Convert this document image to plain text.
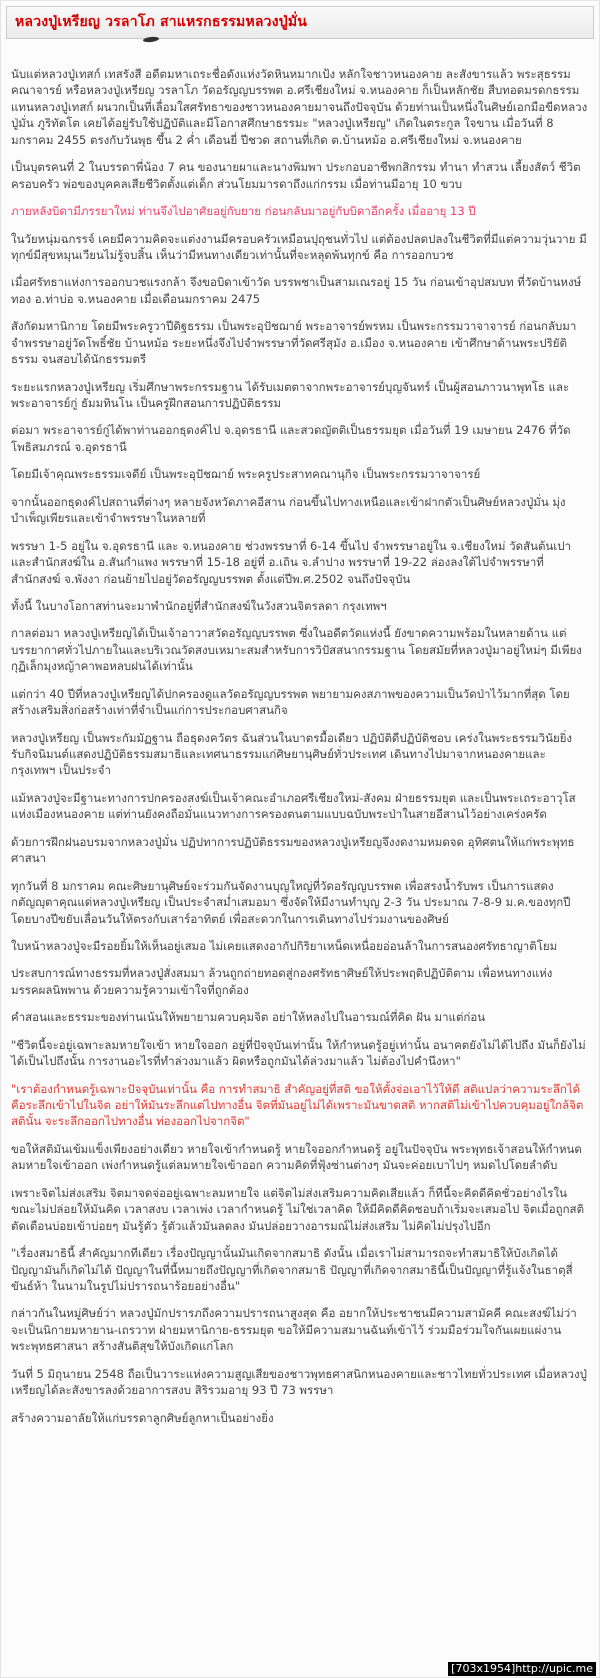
หลวงปู่เหรียญ วรลาโภ สาแหรกธรรมหลวงปู่มั่น

นับแต่หลวงปู่เทสก์ เทสรังสี อดีตมหาเถระชื่อดังแห่งวัดหินหมากเป้ง หลักใจชาวหนองคาย ละสังขารแล้ว พระสุธรรมคณาจารย์ หรือหลวงปู่เหรียญ วรลาโภ วัดอรัญญบรรพต อ.ศรีเชียงใหม่ จ.หนองคาย ก็เป็นหลักชัย สืบทอดมรดกธรรมแทนหลวงปู่เทสก์ ผนวกเป็นที่เลื่อมใสศรัทธาของชาวหนองคายมาจนถึงปัจจุบัน ด้วยท่านเป็นหนึ่งในศิษย์เอกมือขีดหลวงปู่มั่น ภูริทัตโต เคยได้อยู่รับใช้ปฏิบัติและมีโอกาสศึกษาธรรมะ "หลวงปู่เหรียญ" เกิดในตระกูล ใจขาน เมื่อวันที่ 8 มกราคม 2455 ตรงกับวันพุธ ขึ้น 2 ค่ำ เดือนยี่ ปีชวด สถานที่เกิด ต.บ้านหม้อ อ.ศรีเชียงใหม่ จ.หนองคาย

เป็นบุตรคนที่ 2 ในบรรดาพี่น้อง 7 คน ของนายผาและนางพิมพา ประกอบอาชีพกสิกรรม ทำนา ทำสวน เลี้ยงสัตว์ ชีวิตครอบครัว พ่อของบุคคลเสียชีวิตตั้งแต่เด็ก ส่วนโยมมารดาถึงแก่กรรม เมื่อท่านมีอายุ 10 ขวบ

ภายหลังบิดามีภรรยาใหม่ ท่านจึงไปอาศัยอยู่กับยาย ก่อนกลับมาอยู่กับบิดาอีกครั้ง เมื่ออายุ 13 ปี

ในวัยหนุ่มฉกรรจ์ เคยมีความคิดจะแต่งงานมีครอบครัวเหมือนปุถุชนทั่วไป แต่ต้องปลดปลงในชีวิตที่มีแต่ความวุ่นวาย มีทุกข์มีสุขหมุนเวียนไม่รู้จบสิ้น เห็นว่ามีหนทางเดียวเท่านั้นที่จะหลุดพ้นทุกข์ คือ การออกบวช

เมื่อศรัทธาแห่งการออกบวชแรงกล้า จึงขอบิดาเข้าวัด บรรพชาเป็นสามเณรอยู่ 15 วัน ก่อนเข้าอุปสมบท ที่วัดบ้านหงษ์ทอง อ.ท่าบ่อ จ.หนองคาย เมื่อเดือนมกราคม 2475

สังกัดมหานิกาย โดยมีพระครูวาปีดิฐธรรม เป็นพระอุปัชฌาย์ พระอาจารย์พรหม เป็นพระกรรมวาจาจารย์ ก่อนกลับมาจำพรรษาอยู่วัดโพธิ์ชัย บ้านหม้อ ระยะหนึ่งจึงไปจำพรรษาที่วัดศรีสุมัง อ.เมือง จ.หนองคาย เข้าศึกษาด้านพระปริยัติธรรม จนสอบได้นักธรรมตรี

ระยะแรกหลวงปู่เหรียญ เริ่มศึกษาพระกรรมฐาน ได้รับเมตตาจากพระอาจารย์บุญจันทร์ เป็นผู้สอนภาวนาพุทโธ และพระอาจารย์กู่ ธัมมทินโน เป็นครูฝึกสอนการปฏิบัติธรรม

ต่อมา พระอาจารย์กู่ได้พาท่านออกธุดงค์ไป จ.อุดรธานี และสวดญัตติเป็นธรรมยุต เมื่อวันที่ 19 เมษายน 2476 ที่วัดโพธิสมภรณ์ จ.อุดรธานี

โดยมีเจ้าคุณพระธรรมเจดีย์ เป็นพระอุปัชฌาย์ พระครูประสาทคณานุกิจ เป็นพระกรรมวาจาจารย์

จากนั้นออกธุดงค์ไปสถานที่ต่างๆ หลายจังหวัดภาคอีสาน ก่อนขึ้นไปทางเหนือและเข้าฝากตัวเป็นศิษย์หลวงปู่มั่น มุ่งบำเพ็ญเพียรและเข้าจำพรรษาในหลายที่

พรรษา 1-5 อยู่ใน จ.อุดรธานี และ จ.หนองคาย ช่วงพรรษาที่ 6-14 ขึ้นไป จำพรรษาอยู่ใน จ.เชียงใหม่ วัดสันต้นเปา และสำนักสงฆ์ใน อ.สันกำแพง พรรษาที่ 15-18 อยู่ที่ อ.เถิน จ.ลำปาง พรรษาที่ 19-22 ล่องลงใต้ไปจำพรรษาที่สำนักสงฆ์ จ.พังงา ก่อนย้ายไปอยู่วัดอรัญญบรรพต ตั้งแต่ปีพ.ศ.2502 จนถึงปัจจุบัน

ทั้งนี้ ในบางโอกาสท่านจะมาพำนักอยู่ที่สำนักสงฆ์ในวังสวนจิตรลดา กรุงเทพฯ

กาลต่อมา หลวงปู่เหรียญได้เป็นเจ้าอาวาสวัดอรัญญบรรพต ซึ่งในอดีตวัดแห่งนี้ ยังขาดความพร้อมในหลายด้าน แต่บรรยากาศทั่วไปภายในและบริเวณวัดสงบเหมาะสมสำหรับการวิปัสสนากรรมฐาน โดยสมัยที่หลวงปู่มาอยู่ใหม่ๆ มีเพียงกุฏิเล็กมุงหญ้าคาพอหลบฝนได้เท่านั้น

แต่กว่า 40 ปีที่หลวงปู่เหรียญได้ปกครองดูแลวัดอรัญญบรรพต พยายามคงสภาพของความเป็นวัดป่าไว้มากที่สุด โดยสร้างเสริมสิ่งก่อสร้างเท่าที่จำเป็นแก่การประกอบศาสนกิจ

หลวงปู่เหรียญ เป็นพระกัมมัฏฐาน ถือธุดงควัตร ฉันส่วนในบาตรมื้อเดียว ปฏิบัติดีปฏิบัติชอบ เคร่งในพระธรรมวินัยยิ่ง รับกิจนิมนต์แสดงปฏิบัติธรรมสมาธิและเทศนาธรรมแก่ศิษยานุศิษย์ทั่วประเทศ เดินทางไปมาจากหนองคายและกรุงเทพฯ เป็นประจำ

แม้หลวงปู่จะมีฐานะทางการปกครองสงฆ์เป็นเจ้าคณะอำเภอศรีเชียงใหม่-สังคม ฝ่ายธรรมยุต และเป็นพระเถระอาวุโสแห่งเมืองหนองคาย แต่ท่านยังคงถือมั่นแนวทางการครองตนตามแบบฉบับพระป่าในสายอีสานไว้อย่างเคร่งครัด

ด้วยการฝึกฝนอบรมจากหลวงปู่มั่น ปฏิปทาการปฏิบัติธรรมของหลวงปู่เหรียญจึงงดงามหมดจด อุทิศตนให้แก่พระพุทธศาสนา

ทุกวันที่ 8 มกราคม คณะศิษยานุศิษย์จะร่วมกันจัดงานบุญใหญ่ที่วัดอรัญญบรรพต เพื่อสรงน้ำรับพร เป็นการแสดงกตัญญุตาคุณแด่หลวงปู่เหรียญ เป็นประจำสม่ำเสมอมา ซึ่งจัดให้มีงานทำบุญ 2-3 วัน ประมาณ 7-8-9 ม.ค.ของทุกปี โดยบางปีขยับเลื่อนวันให้ตรงกับเสาร์อาทิตย์ เพื่อสะดวกในการเดินทางไปร่วมงานของศิษย์

ใบหน้าหลวงปู่จะมีรอยยิ้มให้เห็นอยู่เสมอ ไม่เคยแสดงอากัปกิริยาเหน็ดเหนื่อยอ่อนล้าในการสนองศรัทธาญาติโยม

ประสบการณ์ทางธรรมที่หลวงปู่สั่งสมมา ล้วนถูกถ่ายทอดสู่กองศรัทธาศิษย์ให้ประพฤติปฏิบัติตาม เพื่อหนทางแห่งมรรคผลนิพพาน ด้วยความรู้ความเข้าใจที่ถูกต้อง

คำสอนและธรรมะของท่านเน้นให้พยายามควบคุมจิต อย่าให้หลงไปในอารมณ์ที่คิด ฝัน มาแต่ก่อน

"ชีวิตนี้จะอยู่เฉพาะลมหายใจเข้า หายใจออก อยู่ที่ปัจจุบันเท่านั้น ให้กำหนดรู้อยู่เท่านั้น อนาคตยังไม่ได้ไปถึง มันก็ยังไม่ได้เป็นไปถึงนั้น การงานอะไรที่ทำล่วงมาแล้ว ผิดหรือถูกมันได้ล่วงมาแล้ว ไม่ต้องไปคำนึงหา"

"เราต้องกำหนดรู้เฉพาะปัจจุบันเท่านั้น คือ การทำสมาธิ สำคัญอยู่ที่สติ ขอให้ตั้งจ่อเอาไว้ให้ดี สติแปลว่าความระลึกได้ คือระลึกเข้าไปในจิต อย่าให้มันระลึกแต่ไปทางอื่น จิตที่มันอยู่ไม่ได้เพราะมันขาดสติ หากสติไม่เข้าไปควบคุมอยู่ใกล้จิต สตินั้น จะระลึกออกไปทางอื่น ท่องออกไปจากจิต"

ขอให้สติมันเข้มแข็งเพียงอย่างเดียว หายใจเข้ากำหนดรู้ หายใจออกกำหนดรู้ อยู่ในปัจจุบัน พระพุทธเจ้าสอนให้กำหนดลมหายใจเข้าออก เพ่งกำหนดรู้แต่ลมหายใจเข้าออก ความคิดที่ฟุ้งซ่านต่างๆ มันจะค่อยเบาไปๆ หมดไปโดยลำดับ

เพราะจิตไม่ส่งเสริม จิตมาจดจ่ออยู่เฉพาะลมหายใจ แต่จิตไม่ส่งเสริมความคิดเสียแล้ว ก็ทีนี้จะคิดดีคิดชั่วอย่างไรในขณะไม่ปล่อยให้มันคิด เวลาสงบ เวลาเพ่ง เวลากำหนดรู้ ไม่ใช่เวลาคิด ให้มีคิดดีคิดชอบถ้าเริ่มจะเสมอไป จิตเมื่อถูกสติตัดเตือนบ่อยเข้าบ่อยๆ มันรู้ตัว รู้ตัวแล้วมันลดลง มันปล่อยวางอารมณ์ไม่ส่งเสริม ไม่คิดไม่ปรุงไปอีก

"เรื่องสมาธินี้ สำคัญมากทีเดียว เรื่องปัญญานั้นมันเกิดจากสมาธิ ดังนั้น เมื่อเราไม่สามารถจะทำสมาธิให้บังเกิดได้ ปัญญามันก็เกิดไม่ได้ ปัญญาในที่นี้หมายถึงปัญญาที่เกิดจากสมาธิ ปัญญาที่เกิดจากสมาธินี้เป็นปัญญาที่รู้แจ้งในธาตุสี่ ขันธ์ห้า ในนามในรูปไม่ปรารถนาร้อยอย่างอื่น"

กล่าวกันในหมู่ศิษย์ว่า หลวงปู่มักปรารภถึงความปรารถนาสูงสุด คือ อยากให้ประชาชนมีความสามัคคี คณะสงฆ์ไม่ว่าจะเป็นนิกายมหายาน-เถรวาท ฝ่ายมหานิกาย-ธรรมยุต ขอให้มีความสมานฉันท์เข้าไว้ ร่วมมือร่วมใจกันเผยแผ่งานพระพุทธศาสนา สร้างสันติสุขให้บังเกิดแก่โลก

วันที่ 5 มิถุนายน 2548 ถือเป็นวาระแห่งความสูญเสียของชาวพุทธศาสนิกหนองคายและชาวไทยทั่วประเทศ เมื่อหลวงปู่เหรียญได้ละสังขารลงด้วยอาการสงบ สิริรวมอายุ 93 ปี 73 พรรษา

สร้างความอาลัยให้แก่บรรดาลูกศิษย์ลูกหาเป็นอย่างยิ่ง

[703x1954]http://upic.me
